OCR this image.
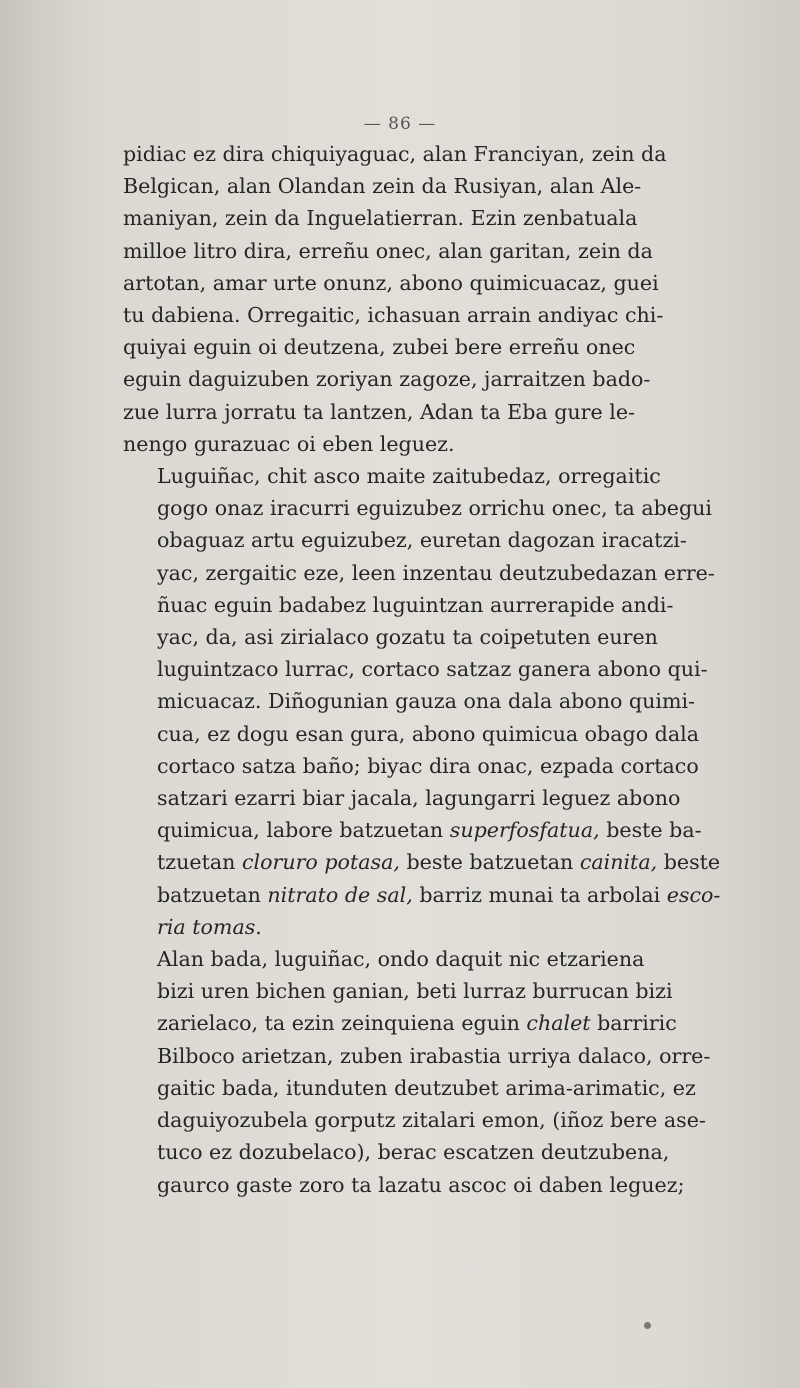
— 86 —

pidiac ez dira chiquiyaguac, alan Franciyan, zein da
Belgican, alan Olandan zein da Rusiyan, alan Ale-
maniyan, zein da Inguelatierran. Ezin zenbatuala
milloe litro dira, erreñu onec, alan garitan, zein da
artotan, amar urte onunz, abono quimicuacaz, guei
tu dabiena. Orregaitic, ichasuan arrain andiyac chi-
quiyai eguin oi deutzena, zubei bere erreñu onec
eguin daguizuben zoriyan zagoze, jarraitzen bado-
zue lurra jorratu ta lantzen, Adan ta Eba gure le-
nengo gurazuac oi eben leguez.

Luguiñac, chit asco maite zaitubedaz, orregaitic
gogo onaz iracurri eguizubez orrichu onec, ta abegui
obaguaz artu eguizubez, euretan dagozan iracatzi-
yac, zergaitic eze, leen inzentau deutzubedazan erre-
ñuac eguin badabez luguintzan aurrerapide andi-
yac, da, asi zirialaco gozatu ta coipetuten euren
luguintzaco lurrac, cortaco satzaz ganera abono qui-
micuacaz. Diñogunian gauza ona dala abono quimi-
cua, ez dogu esan gura, abono quimicua obago dala
cortaco satza baño; biyac dira onac, ezpada cortaco
satzari ezarri biar jacala, lagungarri leguez abono
quimicua, labore batzuetan superfosfatua, beste ba-
tzuetan cloruro potasa, beste batzuetan cainita, beste
batzuetan nitrato de sal, barriz munai ta arbolai esco-
ria tomas.

Alan bada, luguiñac, ondo daquit nic etzariena
bizi uren bichen ganian, beti lurraz burrucan bizi
zarielaco, ta ezin zeinquiena eguin chalet barriric
Bilboco arietzan, zuben irabastia urriya dalaco, orre-
gaitic bada, itunduten deutzubet arima-arimatic, ez
daguiyozubela gorputz zitalari emon, (iñoz bere ase-
tuco ez dozubelaco), berac escatzen deutzubena,
gaurco gaste zoro ta lazatu ascoc oi daben leguez;
